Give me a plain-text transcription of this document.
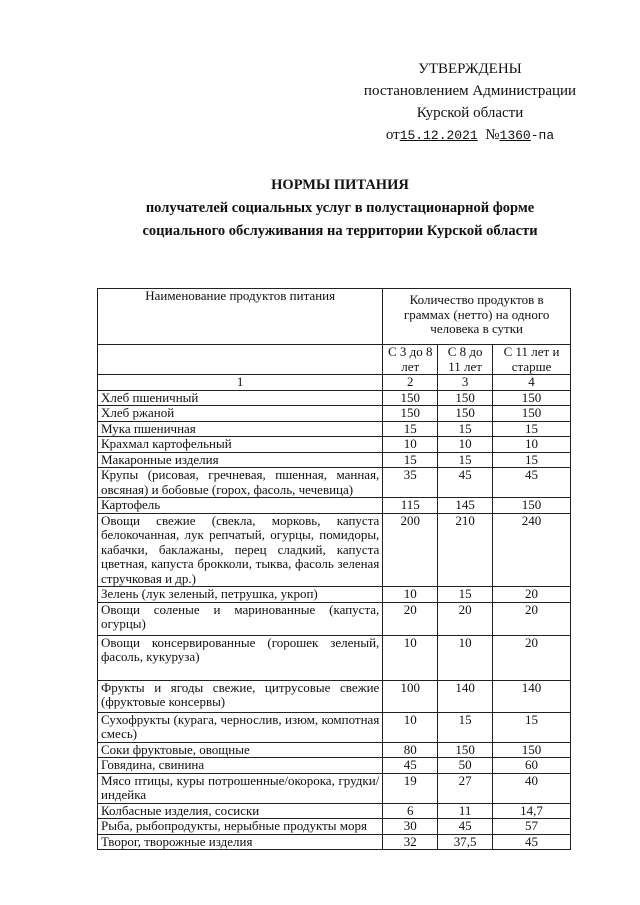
УТВЕРЖДЕНЫ
постановлением Администрации
Курской области
от15.12.2021 №1360-па
НОРМЫ ПИТАНИЯ
получателей социальных услуг в полустационарной форме
социального обслуживания на территории Курской области
Наименование продуктов питания	Количество продуктов в граммах (нетто) на одного человека в сутки		
	С 3 до 8 лет	С 8 до 11 лет	С 11 лет и старше
1	2	3	4
Хлеб пшеничный	150	150	150
Хлеб ржаной	150	150	150
Мука пшеничная	15	15	15
Крахмал картофельный	10	10	10
Макаронные изделия	15	15	15
Крупы (рисовая, гречневая, пшенная, манная, овсяная) и бобовые (горох, фасоль, чечевица)	35	45	45
Картофель	115	145	150
Овощи свежие (свекла, морковь, капуста белокочанная, лук репчатый, огурцы, помидоры, кабачки, баклажаны, перец сладкий, капуста цветная, капуста брокколи, тыква, фасоль зеленая стручковая и др.)	200	210	240
Зелень (лук зеленый, петрушка, укроп)	10	15	20
Овощи соленые и маринованные (капуста, огурцы)	20	20	20
Овощи консервированные (горошек зеленый, фасоль, кукуруза)	10	10	20
Фрукты и ягоды свежие, цитрусовые свежие (фруктовые консервы)	100	140	140
Сухофрукты (курага, чернослив, изюм, компотная смесь)	10	15	15
Соки фруктовые, овощные	80	150	150
Говядина, свинина	45	50	60
Мясо птицы, куры потрошенные/окорока, грудки/индейка	19	27	40
Колбасные изделия, сосиски	6	11	14,7
Рыба, рыбопродукты, нерыбные продукты моря	30	45	57
Творог, творожные изделия	32	37,5	45
